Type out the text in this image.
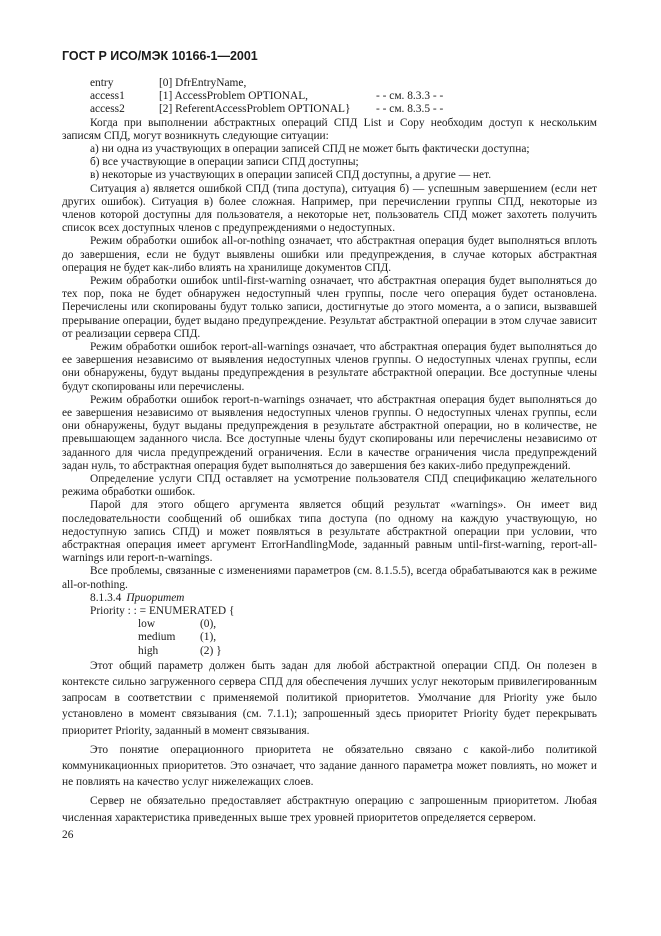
ГОСТ Р ИСО/МЭК 10166-1—2001
entry	[0] DfrEntryName,
access1	[1] AccessProblem OPTIONAL,	- - см. 8.3.3 - -
access2	[2] ReferentAccessProblem OPTIONAL} - - см. 8.3.5 - -

Когда при выполнении абстрактных операций СПД List и Copy необходим доступ к нескольким записям СПД, могут возникнуть следующие ситуации:

а) ни одна из участвующих в операции записей СПД не может быть фактически доступна;

б) все участвующие в операции записи СПД доступны;

в) некоторые из участвующих в операции записей СПД доступны, а другие — нет.

Ситуация а) является ошибкой СПД (типа доступа), ситуация б) — успешным завершением (если нет других ошибок). Ситуация в) более сложная. Например, при перечислении группы СПД, некоторые из членов которой доступны для пользователя, а некоторые нет, пользователь СПД может захотеть получить список всех доступных членов с предупреждениями о недоступных.

Режим обработки ошибок all-or-nothing означает, что абстрактная операция будет выполняться вплоть до завершения, если не будут выявлены ошибки или предупреждения, в случае которых абстрактная операция не будет как-либо влиять на хранилище документов СПД.

Режим обработки ошибок until-first-warning означает, что абстрактная операция будет выполняться до тех пор, пока не будет обнаружен недоступный член группы, после чего операция будет остановлена. Перечислены или скопированы будут только записи, достигнутые до этого момента, а о записи, вызвавшей прерывание операции, будет выдано предупреждение. Результат абстрактной операции в этом случае зависит от реализации сервера СПД.

Режим обработки ошибок report-all-warnings означает, что абстрактная операция будет выполняться до ее завершения независимо от выявления недоступных членов группы. О недоступных членах группы, если они обнаружены, будут выданы предупреждения в результате абстрактной операции. Все доступные члены будут скопированы или перечислены.

Режим обработки ошибок report-n-warnings означает, что абстрактная операция будет выполняться до ее завершения независимо от выявления недоступных членов группы. О недоступных членах группы, если они обнаружены, будут выданы предупреждения в результате абстрактной операции, но в количестве, не превышающем заданного числа. Все доступные члены будут скопированы или перечислены независимо от заданного для числа предупреждений ограничения. Если в качестве ограничения числа предупреждений задан нуль, то абстрактная операция будет выполняться до завершения без каких-либо предупреждений.

Определение услуги СПД оставляет на усмотрение пользователя СПД спецификацию желательного режима обработки ошибок.

Парой для этого общего аргумента является общий результат «warnings». Он имеет вид последовательности сообщений об ошибках типа доступа (по одному на каждую участвующую, но недоступную запись СПД) и может появляться в результате абстрактной операции при условии, что абстрактная операция имеет аргумент ErrorHandlingMode, заданный равным until-first-warning, report-all-warnings или report-n-warnings.

Все проблемы, связанные с изменениями параметров (см. 8.1.5.5), всегда обрабатываются как в режиме all-or-nothing.

8.1.3.4 Приоритет

Priority : : = ENUMERATED {

low	(0),
medium (1),
high	(2) }

Этот общий параметр должен быть задан для любой абстрактной операции СПД. Он полезен в контексте сильно загруженного сервера СПД для обеспечения лучших услуг некоторым привилегированным запросам в соответствии с применяемой политикой приоритетов. Умолчание для Priority уже было установлено в момент связывания (см. 7.1.1); запрошенный здесь приоритет Priority будет перекрывать приоритет Priority, заданный в момент связывания.

Это понятие операционного приоритета не обязательно связано с какой-либо политикой коммуникационных приоритетов. Это означает, что задание данного параметра может повлиять, но может и не повлиять на качество услуг нижележащих слоев.

Сервер не обязательно предоставляет абстрактную операцию с запрошенным приоритетом. Любая численная характеристика приведенных выше трех уровней приоритетов определяется сервером.

26
